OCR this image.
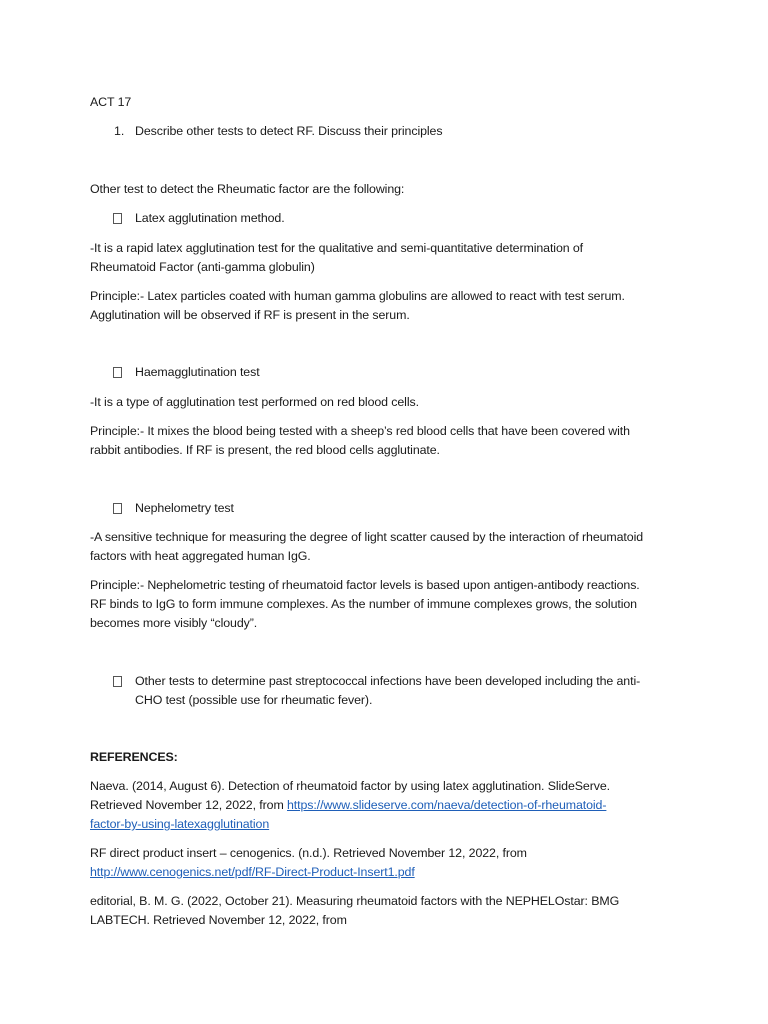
ACT 17
1. Describe other tests to detect RF. Discuss their principles
Other test to detect the Rheumatic factor are the following:
Latex agglutination method.
-It is a rapid latex agglutination test for the qualitative and semi-quantitative determination of
Rheumatoid Factor (anti-gamma globulin)
Principle:- Latex particles coated with human gamma globulins are allowed to react with test serum.
Agglutination will be observed if RF is present in the serum.
Haemagglutination test
-It is a type of agglutination test performed on red blood cells.
Principle:- It mixes the blood being tested with a sheep’s red blood cells that have been covered with
rabbit antibodies. If RF is present, the red blood cells agglutinate.
Nephelometry test
-A sensitive technique for measuring the degree of light scatter caused by the interaction of rheumatoid
factors with heat aggregated human IgG.
Principle:- Nephelometric testing of rheumatoid factor levels is based upon antigen-antibody reactions.
RF binds to IgG to form immune complexes. As the number of immune complexes grows, the solution
becomes more visibly “cloudy”.
Other tests to determine past streptococcal infections have been developed including the anti-
CHO test (possible use for rheumatic fever).
REFERENCES:
Naeva. (2014, August 6). Detection of rheumatoid factor by using latex agglutination. SlideServe.
Retrieved November 12, 2022, from https://www.slideserve.com/naeva/detection-of-rheumatoid-
factor-by-using-latexagglutination
RF direct product insert – cenogenics. (n.d.). Retrieved November 12, 2022, from
http://www.cenogenics.net/pdf/RF-Direct-Product-Insert1.pdf
editorial, B. M. G. (2022, October 21). Measuring rheumatoid factors with the NEPHELOstar: BMG
LABTECH. Retrieved November 12, 2022, from
